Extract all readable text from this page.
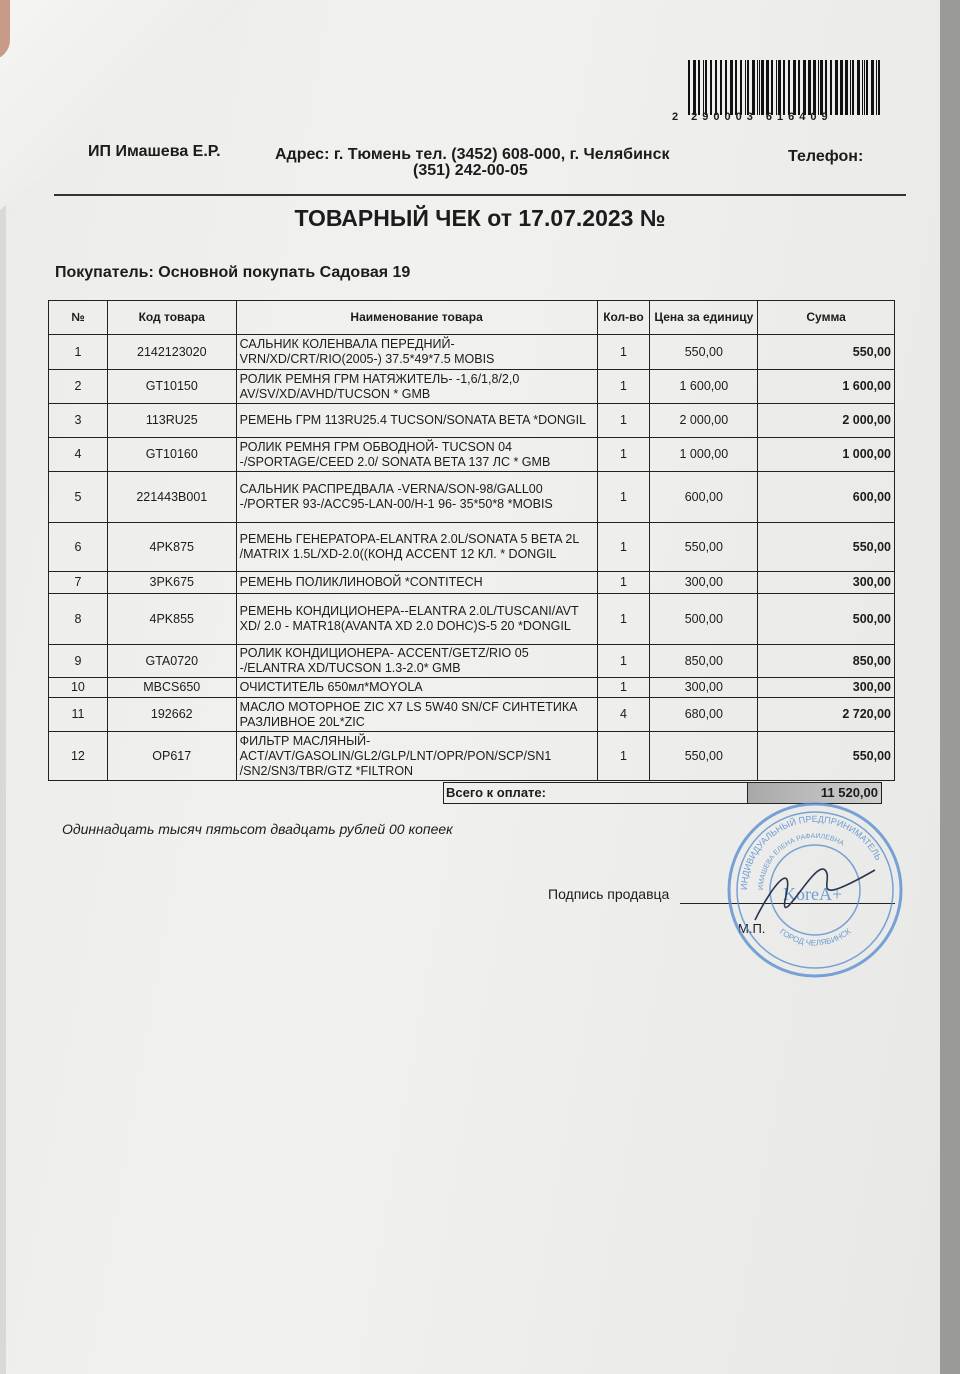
2 290003 616409
ИП Имашева Е.Р.	Адрес: г. Тюмень тел. (3452) 608-000, г. Челябинск
(351) 242-00-05
Телефон:
ТОВАРНЫЙ ЧЕК от 17.07.2023 №
Покупатель: Основной покупать Садовая 19
№	Код товара	Наименование товара	Кол-во	Цена за единицу	Сумма
1	2142123020	САЛЬНИК КОЛЕНВАЛА ПЕРЕДНИЙ-VRN/XD/CRT/RIO(2005-) 37.5*49*7.5 MOBIS	1	550,00	550,00
2	GT10150	РОЛИК РЕМНЯ ГРМ НАТЯЖИТЕЛЬ- -1,6/1,8/2,0 AV/SV/XD/AVHD/TUCSON * GMB	1	1 600,00	1 600,00
3	113RU25	РЕМЕНЬ ГРМ 113RU25.4 TUCSON/SONATA BETA *DONGIL	1	2 000,00	2 000,00
4	GT10160	РОЛИК РЕМНЯ ГРМ ОБВОДНОЙ- TUCSON 04 -/SPORTAGE/CEED 2.0/ SONATA BETA 137 ЛС * GMB	1	1 000,00	1 000,00
5	221443B001	САЛЬНИК РАСПРЕДВАЛА -VERNA/SON-98/GALL00 -/PORTER 93-/ACC95-LAN-00/H-1 96- 35*50*8 *MOBIS	1	600,00	600,00
6	4PK875	РЕМЕНЬ ГЕНЕРАТОРА-ELANTRA 2.0L/SONATA 5 BETA 2L /MATRIX 1.5L/XD-2.0((КОНД ACCENT 12 КЛ. * DONGIL	1	550,00	550,00
7	3PK675	РЕМЕНЬ ПОЛИКЛИНОВОЙ *CONTITECH	1	300,00	300,00
8	4PK855	РЕМЕНЬ КОНДИЦИОНЕРА--ELANTRA 2.0L/TUSCANI/AVT XD/ 2.0 - MATR18(AVANTA XD 2.0 DOHC)S-5 20 *DONGIL	1	500,00	500,00
9	GTA0720	РОЛИК КОНДИЦИОНЕРА- ACCENT/GETZ/RIO 05 -/ELANTRA XD/TUCSON 1.3-2.0* GMB	1	850,00	850,00
10	MBCS650	ОЧИСТИТЕЛЬ 650мл*MOYOLA	1	300,00	300,00
11	192662	МАСЛО МОТОРНОЕ ZIC X7 LS 5W40 SN/CF СИНТЕТИКА РАЗЛИВНОЕ 20L*ZIC	4	680,00	2 720,00
12	OP617	ФИЛЬТР МАСЛЯНЫЙ-ACT/AVT/GASOLIN/GL2/GLP/LNT/OPR/PON/SCP/SN1 /SN2/SN3/TBR/GTZ *FILTRON	1	550,00	550,00
Всего к оплате:	11 520,00
Одиннадцать тысяч пятьсот двадцать рублей 00 копеек
Подпись продавца
М.П.
ИНДИВИДУАЛЬНЫЙ ПРЕДПРИНИМАТЕЛЬ
ИМАШЕВА ЕЛЕНА РАФАИЛЕВНА
ГОРОД ЧЕЛЯБИНСК
KoreA+
